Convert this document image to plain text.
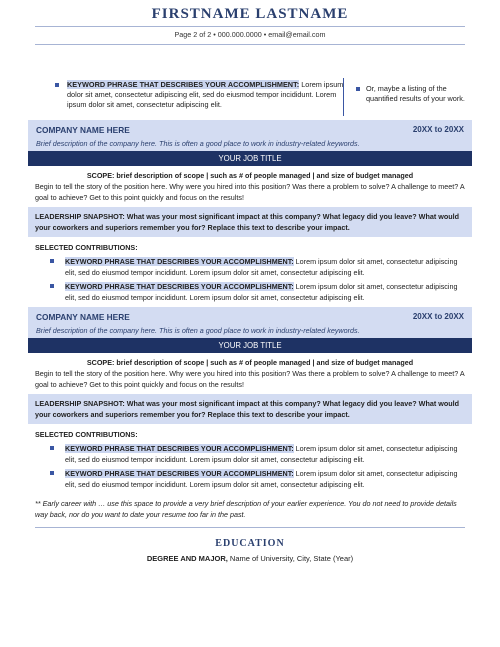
FIRSTNAME LASTNAME
Page 2 of 2 • 000.000.0000 • email@email.com
KEYWORD PHRASE THAT DESCRIBES YOUR ACCOMPLISHMENT: Lorem ipsum dolor sit amet, consectetur adipiscing elit, sed do eiusmod tempor incididunt. Lorem ipsum dolor sit amet, consectetur adipiscing elit.
Or, maybe a listing of the quantified results of your work.
COMPANY NAME HERE	20XX to 20XX
Brief description of the company here. This is often a good place to work in industry-related keywords.
YOUR JOB TITLE
SCOPE: brief description of scope | such as # of people managed | and size of budget managed
Begin to tell the story of the position here. Why were you hired into this position? Was there a problem to solve? A challenge to meet? A goal to achieve? Get to this point quickly and focus on the results!
LEADERSHIP SNAPSHOT: What was your most significant impact at this company? What legacy did you leave? What would your coworkers and superiors remember you for? Replace this text to describe your impact.
SELECTED CONTRIBUTIONS:
KEYWORD PHRASE THAT DESCRIBES YOUR ACCOMPLISHMENT: Lorem ipsum dolor sit amet, consectetur adipiscing elit, sed do eiusmod tempor incididunt. Lorem ipsum dolor sit amet, consectetur adipiscing elit.
KEYWORD PHRASE THAT DESCRIBES YOUR ACCOMPLISHMENT: Lorem ipsum dolor sit amet, consectetur adipiscing elit, sed do eiusmod tempor incididunt. Lorem ipsum dolor sit amet, consectetur adipiscing elit.
COMPANY NAME HERE	20XX to 20XX
Brief description of the company here. This is often a good place to work in industry-related keywords.
YOUR JOB TITLE
SCOPE: brief description of scope | such as # of people managed | and size of budget managed
Begin to tell the story of the position here. Why were you hired into this position? Was there a problem to solve? A challenge to meet? A goal to achieve? Get to this point quickly and focus on the results!
LEADERSHIP SNAPSHOT: What was your most significant impact at this company? What legacy did you leave? What would your coworkers and superiors remember you for? Replace this text to describe your impact.
SELECTED CONTRIBUTIONS:
KEYWORD PHRASE THAT DESCRIBES YOUR ACCOMPLISHMENT: Lorem ipsum dolor sit amet, consectetur adipiscing elit, sed do eiusmod tempor incididunt. Lorem ipsum dolor sit amet, consectetur adipiscing elit.
KEYWORD PHRASE THAT DESCRIBES YOUR ACCOMPLISHMENT: Lorem ipsum dolor sit amet, consectetur adipiscing elit, sed do eiusmod tempor incididunt. Lorem ipsum dolor sit amet, consectetur adipiscing elit.
** Early career with … use this space to provide a very brief description of your earlier experience. You do not need to provide details way back, nor do you want to date your resume too far in the past.
EDUCATION
DEGREE AND MAJOR, Name of University, City, State (Year)
